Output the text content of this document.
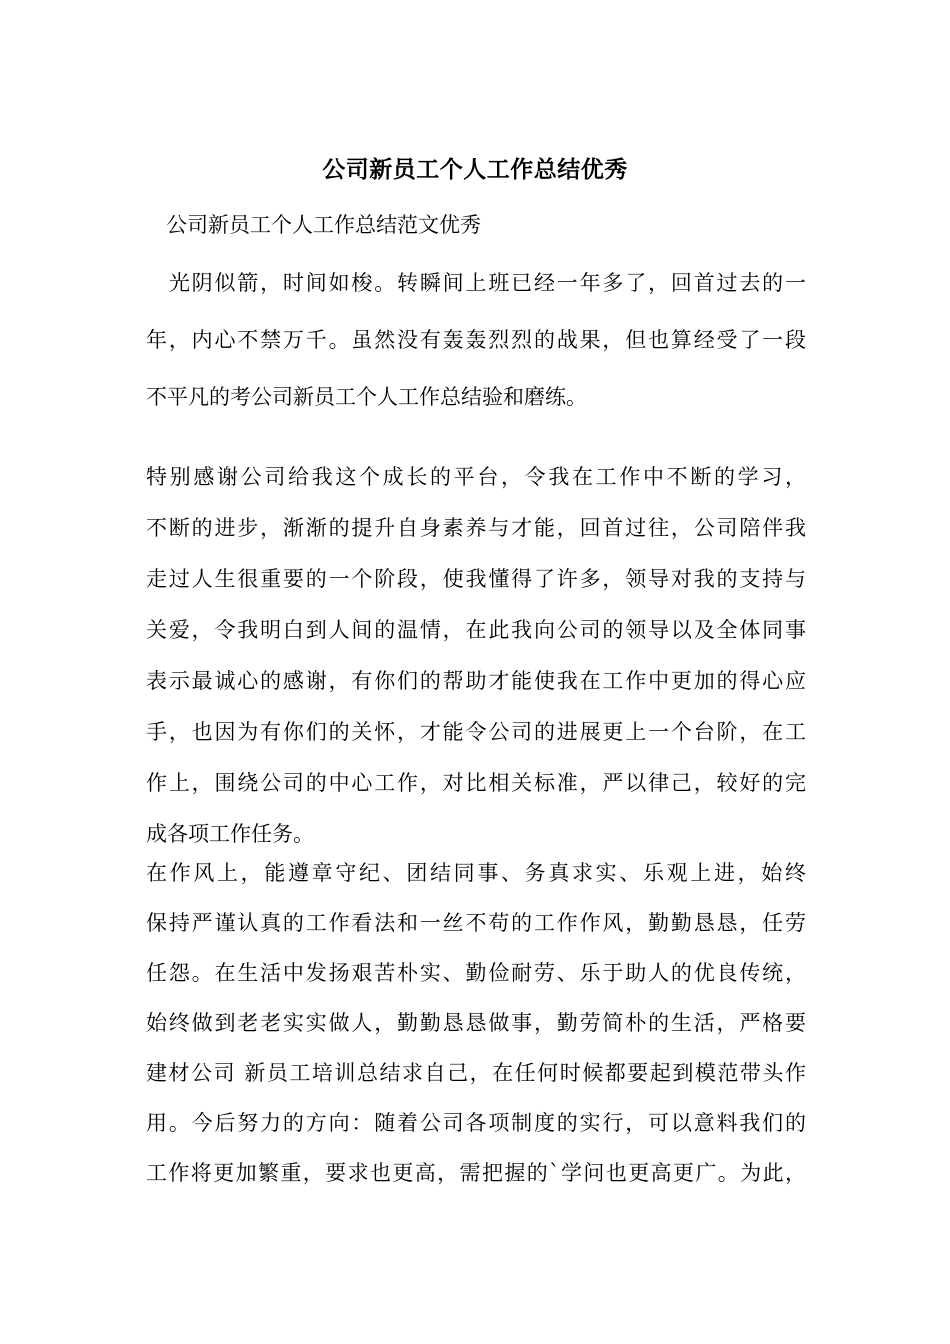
公司新员工个人工作总结优秀
公司新员工个人工作总结范文优秀
　光阴似箭，时间如梭。转瞬间上班已经一年多了，回首过去的一
年，内心不禁万千。虽然没有轰轰烈烈的战果，但也算经受了一段
不平凡的考公司新员工个人工作总结验和磨练。
特别感谢公司给我这个成长的平台，令我在工作中不断的学习，
不断的进步，渐渐的提升自身素养与才能，回首过往，公司陪伴我
走过人生很重要的一个阶段，使我懂得了许多，领导对我的支持与
关爱，令我明白到人间的温情，在此我向公司的领导以及全体同事
表示最诚心的感谢，有你们的帮助才能使我在工作中更加的得心应
手，也因为有你们的关怀，才能令公司的进展更上一个台阶，在工
作上，围绕公司的中心工作，对比相关标准，严以律己，较好的完
成各项工作任务。
在作风上，能遵章守纪、团结同事、务真求实、乐观上进，始终
保持严谨认真的工作看法和一丝不苟的工作作风，勤勤恳恳，任劳
任怨。在生活中发扬艰苦朴实、勤俭耐劳、乐于助人的优良传统，
始终做到老老实实做人，勤勤恳恳做事，勤劳简朴的生活，严格要
建材公司 新员工培训总结求自己，在任何时候都要起到模范带头作
用。今后努力的方向：随着公司各项制度的实行，可以意料我们的
工作将更加繁重，要求也更高，需把握的`学问也更高更广。为此，
